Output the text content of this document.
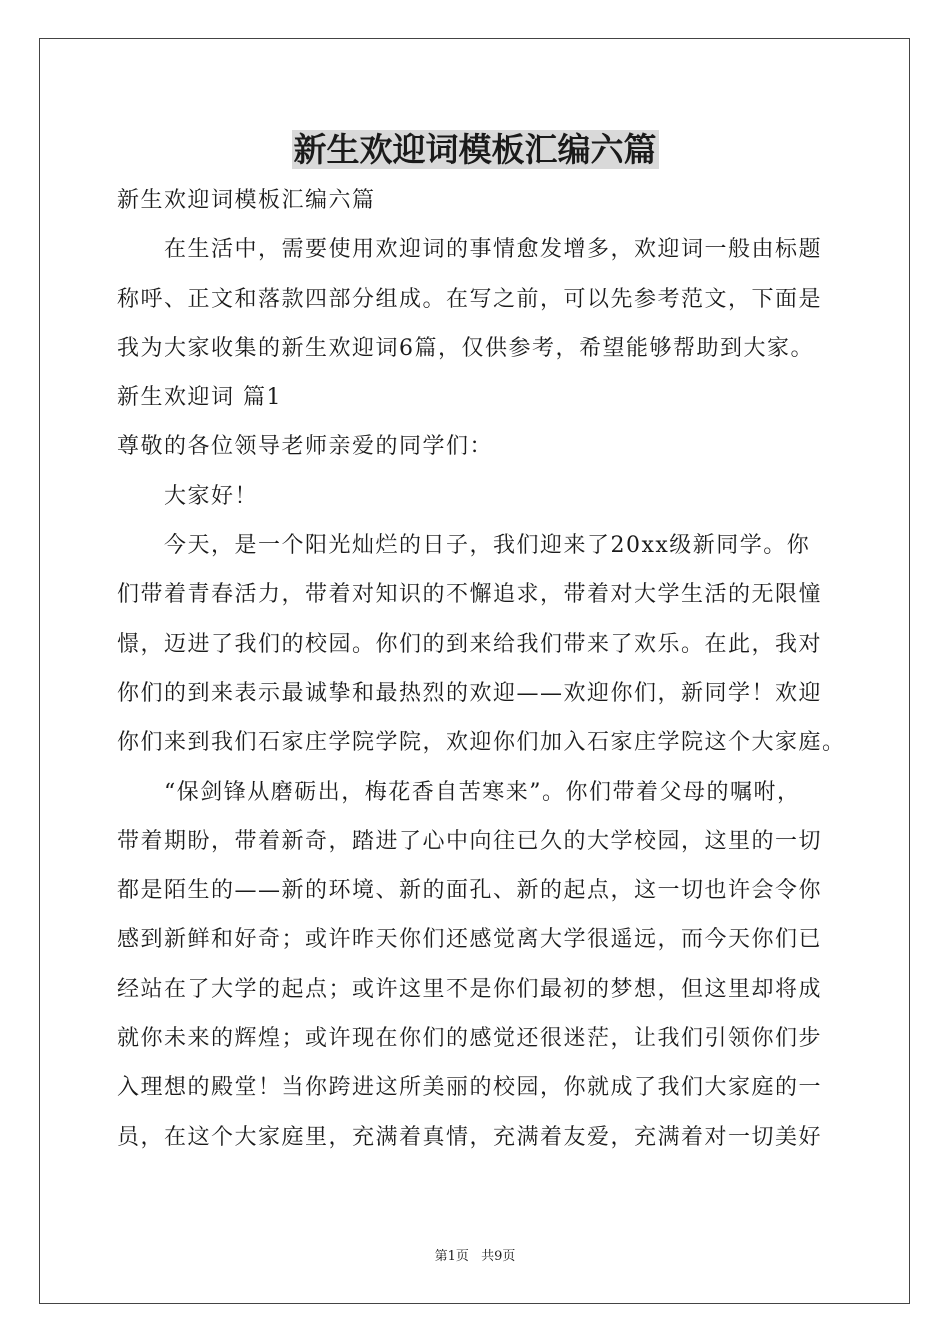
新生欢迎词模板汇编六篇
新生欢迎词模板汇编六篇
在生活中，需要使用欢迎词的事情愈发增多，欢迎词一般由标题
称呼、正文和落款四部分组成。在写之前，可以先参考范文，下面是
我为大家收集的新生欢迎词6篇，仅供参考，希望能够帮助到大家。
新生欢迎词 篇1
尊敬的各位领导老师亲爱的同学们：
大家好！
今天，是一个阳光灿烂的日子，我们迎来了20xx级新同学。你
们带着青春活力，带着对知识的不懈追求，带着对大学生活的无限憧
憬，迈进了我们的校园。你们的到来给我们带来了欢乐。在此，我对
你们的到来表示最诚挚和最热烈的欢迎——欢迎你们，新同学！欢迎
你们来到我们石家庄学院学院，欢迎你们加入石家庄学院这个大家庭。
“保剑锋从磨砺出，梅花香自苦寒来”。你们带着父母的嘱咐，
带着期盼，带着新奇，踏进了心中向往已久的大学校园，这里的一切
都是陌生的——新的环境、新的面孔、新的起点，这一切也许会令你
感到新鲜和好奇；或许昨天你们还感觉离大学很遥远，而今天你们已
经站在了大学的起点；或许这里不是你们最初的梦想，但这里却将成
就你未来的辉煌；或许现在你们的感觉还很迷茫，让我们引领你们步
入理想的殿堂！当你跨进这所美丽的校园，你就成了我们大家庭的一
员，在这个大家庭里，充满着真情，充满着友爱，充满着对一切美好
第1页 共9页
